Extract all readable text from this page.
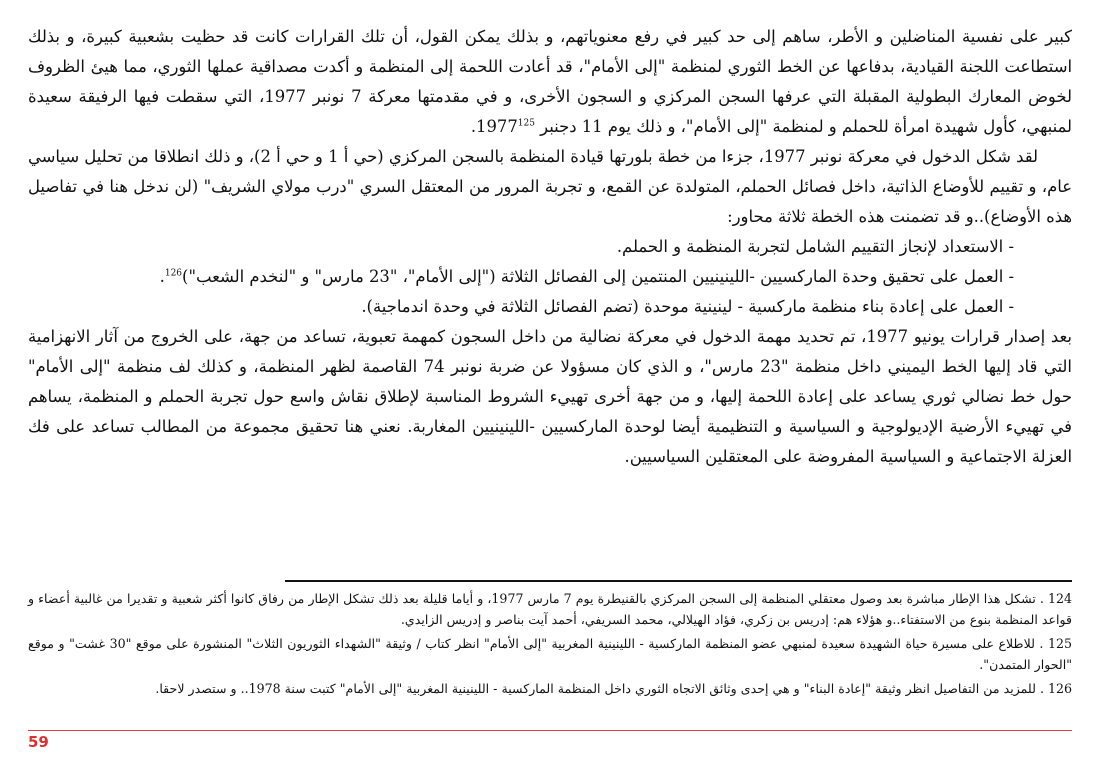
كبير على نفسية المناضلين و الأطر، ساهم إلى حد كبير في رفع معنوياتهم، و بذلك يمكن القول، أن تلك القرارات كانت قد حظيت بشعبية كبيرة، و بذلك استطاعت اللجنة القيادية، بدفاعها عن الخط الثوري لمنظمة "إلى الأمام"، قد أعادت اللحمة إلى المنظمة و أكدت مصداقية عملها الثوري، مما هيئ الظروف لخوض المعارك البطولية المقبلة التي عرفها السجن المركزي و السجون الأخرى، و في مقدمتها معركة 7 نونبر 1977، التي سقطت فيها الرفيقة سعيدة لمنبهي، كأول شهيدة امرأة للحملم و لمنظمة "إلى الأمام"، و ذلك يوم 11 دجنبر 1977$^{125}$.

لقد شكل الدخول في معركة نونبر 1977، جزءا من خطة بلورتها قيادة المنظمة بالسجن المركزي (حي أ 1 و حي أ 2)، و ذلك انطلاقا من تحليل سياسي عام، و تقييم للأوضاع الذاتية، داخل فصائل الحملم، المتولدة عن القمع، و تجربة المرور من المعتقل السري "درب مولاي الشريف" (لن ندخل هنا في تفاصيل هذه الأوضاع)..و قد تضمنت هذه الخطة ثلاثة محاور:

- الاستعداد لإنجاز التقييم الشامل لتجربة المنظمة و الحملم.

- العمل على تحقيق وحدة الماركسيين -اللينينيين المنتمين إلى الفصائل الثلاثة ("إلى الأمام"، "23 مارس" و "لنخدم الشعب")$^{126}$.

- العمل على إعادة بناء منظمة ماركسية - لينينية موحدة (تضم الفصائل الثلاثة في وحدة اندماجية).

بعد إصدار قرارات يونيو 1977، تم تحديد مهمة الدخول في معركة نضالية من داخل السجون كمهمة تعبوية، تساعد من جهة، على الخروج من آثار الانهزامية التي قاد إليها الخط اليميني داخل منظمة "23 مارس"، و الذي كان مسؤولا عن ضربة نونبر 74 القاصمة لظهر المنظمة، و كذلك لف منظمة "إلى الأمام" حول خط نضالي ثوري يساعد على إعادة اللحمة إليها، و من جهة أخرى تهييء الشروط المناسبة لإطلاق نقاش واسع حول تجربة الحملم و المنظمة، يساهم في تهييء الأرضية الإديولوجية و السياسية و التنظيمية أيضا لوحدة الماركسيين -اللينينيين المغاربة. نعني هنا تحقيق مجموعة من المطالب تساعد على فك العزلة الاجتماعية و السياسية المفروضة على المعتقلين السياسيين.

124 . تشكل هذا الإطار مباشرة بعد وصول معتقلي المنظمة إلى السجن المركزي بالقنيطرة يوم 7 مارس 1977، و أياما قليلة بعد ذلك تشكل الإطار من رفاق كانوا أكثر شعبية و تقديرا من غالبية أعضاء و قواعد المنظمة بنوع من الاستفتاء..و هؤلاء هم: إدريس بن زكري، فؤاد الهيلالي، محمد السريفي، أحمد آيت بناصر و إدريس الزايدي.

125 . للاطلاع على مسيرة حياة الشهيدة سعيدة لمنبهي عضو المنظمة الماركسية - اللينينية المغربية "إلى الأمام" انظر كتاب / وثيقة "الشهداء الثوريون الثلاث" المنشورة على موقع "30 غشت" و موقع "الحوار المتمدن".

126 . للمزيد من التفاصيل انظر وثيقة "إعادة البناء" و هي إحدى وثائق الاتجاه الثوري داخل المنظمة الماركسية - اللينينية المغربية "إلى الأمام" كتبت سنة 1978.. و ستصدر لاحقا.

59
